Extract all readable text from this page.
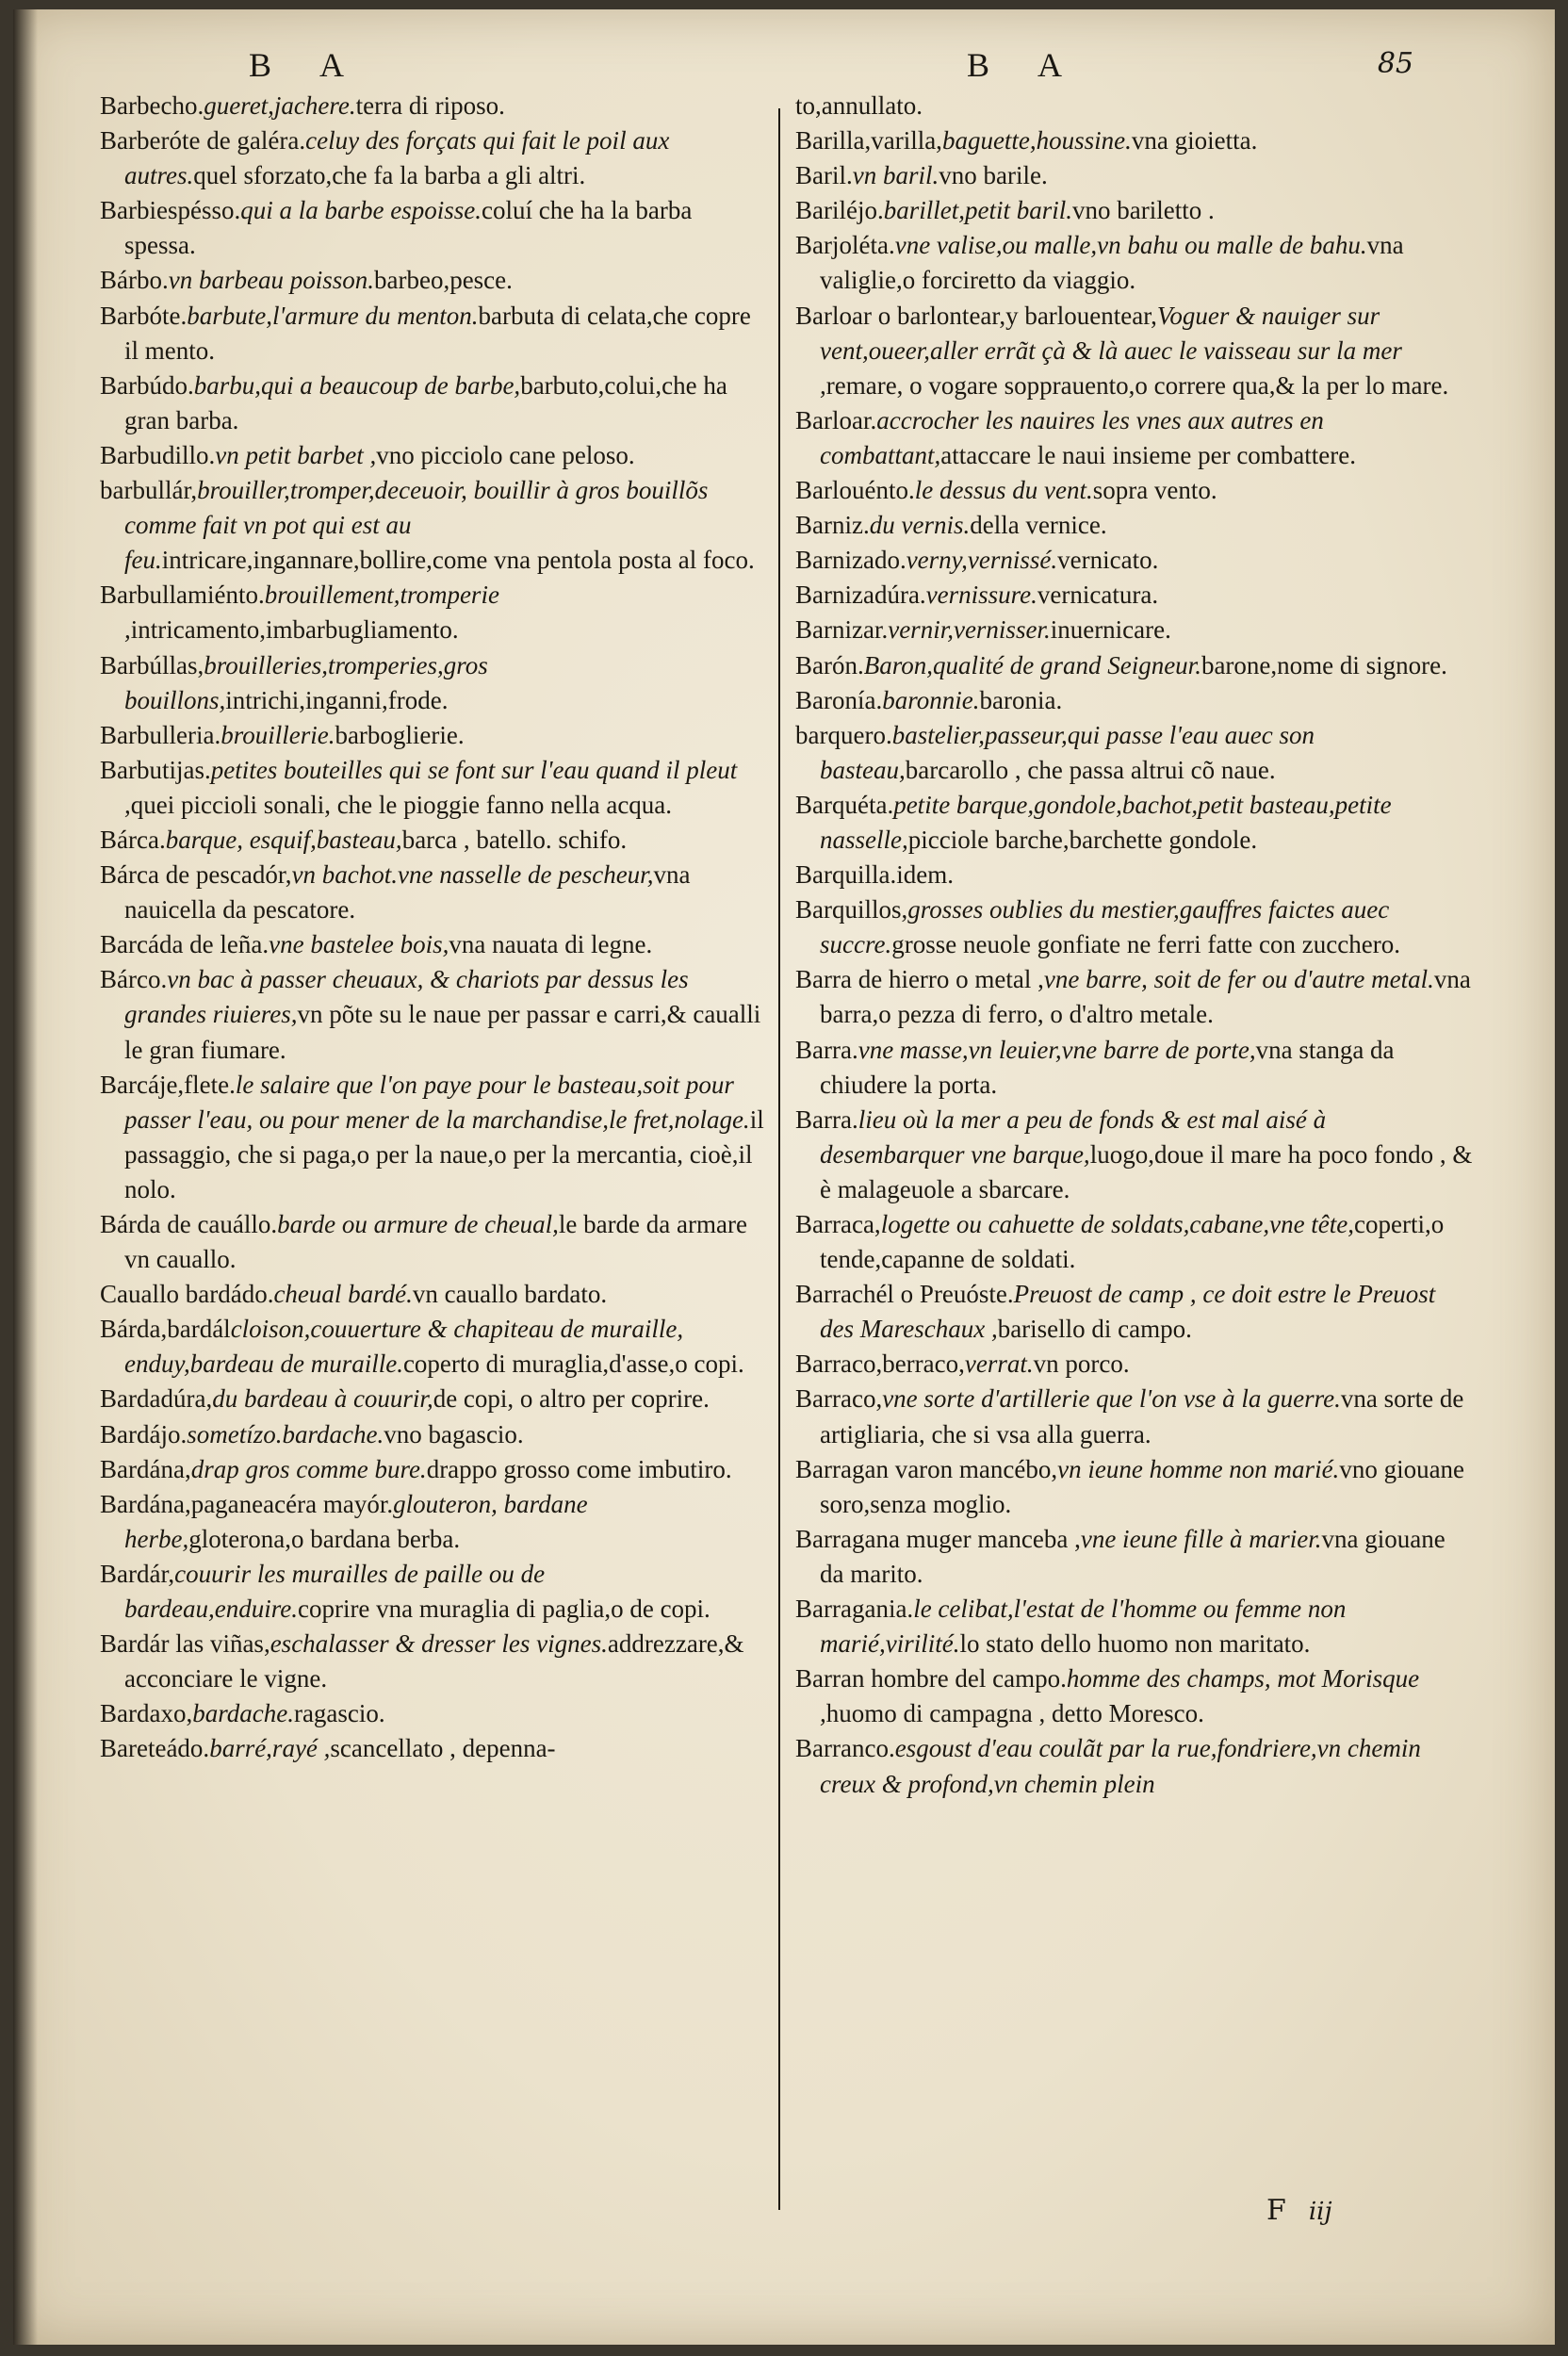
B A	B A	85

Barbecho.gueret,jachere.terra di riposo.

Barberóte de galéra.celuy des forçats qui fait le poil aux autres.quel sforzato,che fa la barba a gli altri.

Barbiespésso.qui a la barbe espoisse.coluí che ha la barba spessa.

Bárbo.vn barbeau poisson.barbeo,pesce.

Barbóte.barbute,l'armure du menton.barbuta di celata,che copre il mento.

Barbúdo.barbu,qui a beaucoup de barbe,barbuto,colui,che ha gran barba.

Barbudillo.vn petit barbet ,vno picciolo cane peloso.

barbullár,brouiller,tromper,deceuoir, bouillir à gros bouillõs comme fait vn pot qui est au feu.intricare,ingannare,bollire,come vna pentola posta al foco.

Barbullamiénto.brouillement,tromperie ,intricamento,imbarbugliamento.

Barbúllas,brouilleries,tromperies,gros bouillons,intrichi,inganni,frode.

Barbulleria.brouillerie.barboglierie.

Barbutijas.petites bouteilles qui se font sur l'eau quand il pleut ,quei piccioli sonali, che le pioggie fanno nella acqua.

Bárca.barque, esquif,basteau,barca , batello. schifo.

Bárca de pescadór,vn bachot.vne nasselle de pescheur,vna nauicella da pescatore.

Barcáda de leña.vne bastelee bois,vna nauata di legne.

Bárco.vn bac à passer cheuaux, & chariots par dessus les grandes riuieres,vn põte su le naue per passar e carri,& caualli le gran fiumare.

Barcáje,flete.le salaire que l'on paye pour le basteau,soit pour passer l'eau, ou pour mener de la marchandise,le fret,nolage.il passaggio, che si paga,o per la naue,o per la mercantia, cioè,il nolo.

Bárda de cauállo.barde ou armure de cheual,le barde da armare vn cauallo.

Cauallo bardádo.cheual bardé.vn cauallo bardato.

Bárda,bardálcloison,couuerture & chapiteau de muraille, enduy,bardeau de muraille.coperto di muraglia,d'asse,o copi.

Bardadúra,du bardeau à couurir,de copi, o altro per coprire.

Bardájo.sometízo.bardache.vno bagascio.

Bardána,drap gros comme bure.drappo grosso come imbutiro.

Bardána,paganeacéra mayór.glouteron, bardane herbe,gloterona,o bardana berba.

Bardár,couurir les murailles de paille ou de bardeau,enduire.coprire vna muraglia di paglia,o de copi.

Bardár las viñas,eschalasser & dresser les vignes.addrezzare,& acconciare le vigne.

Bardaxo,bardache.ragascio.

Bareteádo.barré,rayé ,scancellato , depenna-

to,annullato.

Barilla,varilla,baguette,houssine.vna gioietta.

Baril.vn baril.vno barile.

Bariléjo.barillet,petit baril.vno bariletto .

Barjoléta.vne valise,ou malle,vn bahu ou malle de bahu.vna valiglie,o forciretto da viaggio.

Barloar o barlontear,y barlouentear,Voguer & nauiger sur vent,oueer,aller errãt çà & là auec le vaisseau sur la mer ,remare, o vogare sopprauento,o correre qua,& la per lo mare.

Barloar.accrocher les nauires les vnes aux autres en combattant,attaccare le naui insieme per combattere.

Barlouénto.le dessus du vent.sopra vento.

Barniz.du vernis.della vernice.

Barnizado.verny,vernissé.vernicato.

Barnizadúra.vernissure.vernicatura.

Barnizar.vernir,vernisser.inuernicare.

Barón.Baron,qualité de grand Seigneur.barone,nome di signore.

Baronía.baronnie.baronia.

barquero.bastelier,passeur,qui passe l'eau auec son basteau,barcarollo , che passa altrui cõ naue.

Barquéta.petite barque,gondole,bachot,petit basteau,petite nasselle,picciole barche,barchette gondole.

Barquilla.idem.

Barquillos,grosses oublies du mestier,gauffres faictes auec succre.grosse neuole gonfiate ne ferri fatte con zucchero.

Barra de hierro o metal ,vne barre, soit de fer ou d'autre metal.vna barra,o pezza di ferro, o d'altro metale.

Barra.vne masse,vn leuier,vne barre de porte,vna stanga da chiudere la porta.

Barra.lieu où la mer a peu de fonds & est mal aisé à desembarquer vne barque,luogo,doue il mare ha poco fondo , & è malageuole a sbarcare.

Barraca,logette ou cahuette de soldats,cabane,vne tête,coperti,o tende,capanne de soldati.

Barrachél o Preuóste.Preuost de camp , ce doit estre le Preuost des Mareschaux ,barisello di campo.

Barraco,berraco,verrat.vn porco.

Barraco,vne sorte d'artillerie que l'on vse à la guerre.vna sorte de artigliaria, che si vsa alla guerra.

Barragan varon mancébo,vn ieune homme non marié.vno giouane soro,senza moglio.

Barragana muger manceba ,vne ieune fille à marier.vna giouane da marito.

Barragania.le celibat,l'estat de l'homme ou femme non marié,virilité.lo stato dello huomo non maritato.

Barran hombre del campo.homme des champs, mot Morisque ,huomo di campagna , detto Moresco.

Barranco.esgoust d'eau coulãt par la rue,fondriere,vn chemin creux & profond,vn chemin plein

F iij
